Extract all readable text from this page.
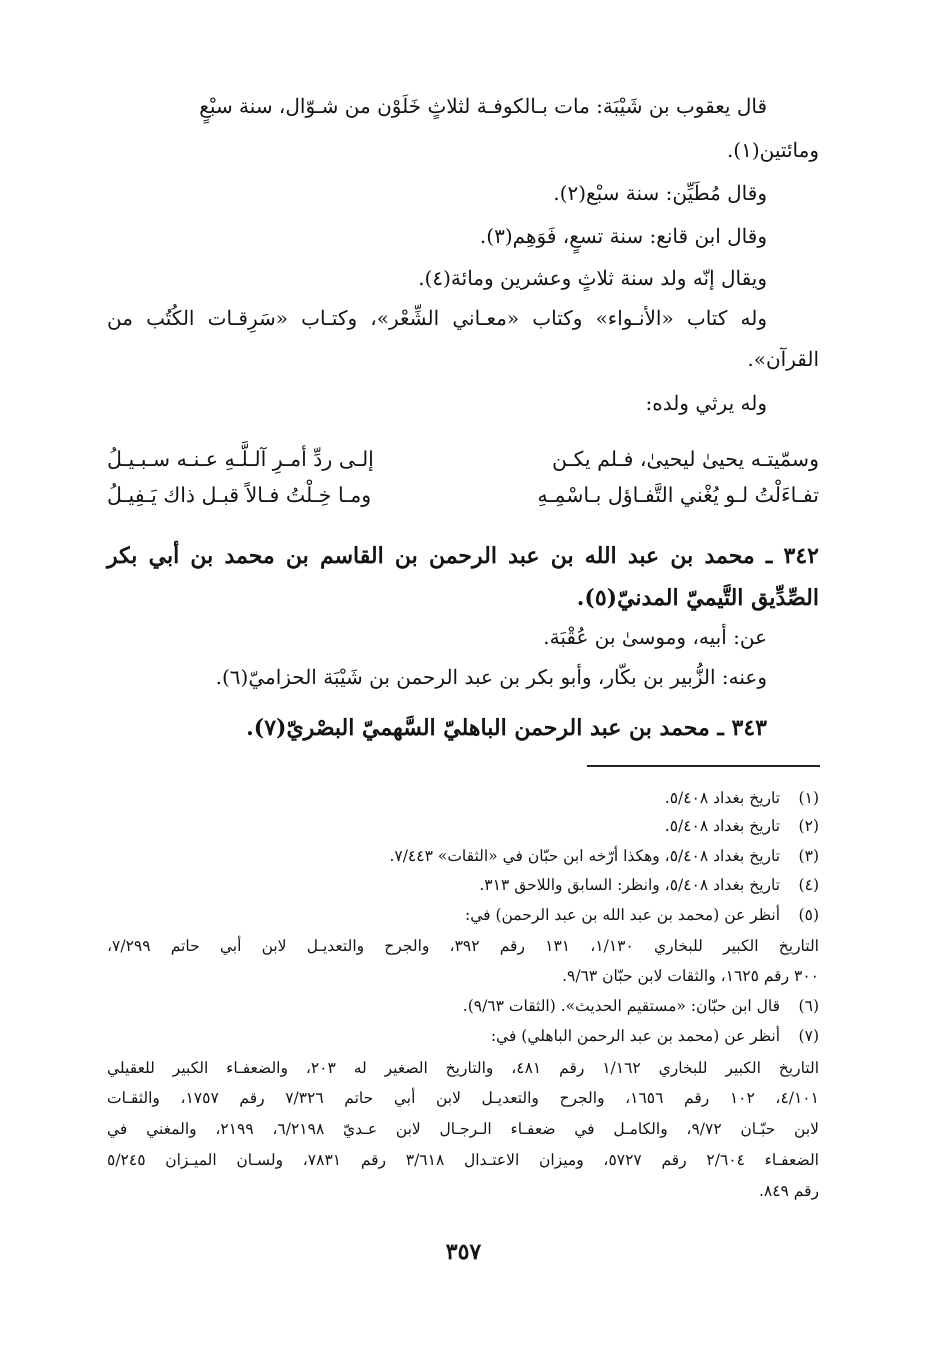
قال يعقوب بن شَيْبَة: مات بـالكوفـة لثلاثٍ خَلَوْن من شـوّال، سنة سبْعٍ
ومائتين(١).
وقال مُطَيِّن: سنة سبْع(٢).
وقال ابن قانع: سنة تسعٍ، فَوَهِم(٣).
ويقال إنّه ولد سنة ثلاثٍ وعشرين ومائة(٤).
وله كتاب «الأنـواء» وكتاب «معـاني الشِّعْر»، وكتـاب «سَرِقـات الكُتُب من
القرآن».
وله يرثي ولده:
وسمّيتـه يحيىٰ ليحيىٰ، فـلم يكـن
إلـى ردِّ أمـرِ آلـلَّـهِ عـنـه سـبـيـلُ
تفـاءَلْتُ لـو يُغْني التَّفـاؤل بـاسْمِـهِ
ومـا خِـلْتُ فـالاً قبـل ذاك يَـفِيـلُ
٣٤٢ ـ محمد بن عبد الله بن عبد الرحمن بن القاسم بن محمد بن أبي بكر
الصِّدِّيق التَّيميّ المدنيّ(٥).
عن: أبيه، وموسىٰ بن عُقْبَة.
وعنه: الزُّبير بن بكّار، وأبو بكر بن عبد الرحمن بن شَيْبَة الحزاميّ(٦).
٣٤٣ ـ محمد بن عبد الرحمن الباهليّ السَّهميّ البصْريّ(٧).
(١) تاريخ بغداد ٥/٤٠٨.
(٢) تاريخ بغداد ٥/٤٠٨.
(٣) تاريخ بغداد ٥/٤٠٨، وهكذا أرّخه ابن حبّان في «الثقات» ٧/٤٤٣.
(٤) تاريخ بغداد ٥/٤٠٨، وانظر: السابق واللاحق ٣١٣.
(٥) أنظر عن (محمد بن عبد الله بن عبد الرحمن) في:
التاريخ الكبير للبخاري ١/١٣٠، ١٣١ رقم ٣٩٢، والجرح والتعديـل لابن أبي حاتم ٧/٢٩٩،
٣٠٠ رقم ١٦٢٥، والثقات لابن حبّان ٩/٦٣.
(٦) قال ابن حبّان: «مستقيم الحديث». (الثقات ٩/٦٣).
(٧) أنظر عن (محمد بن عبد الرحمن الباهلي) في:
التاريخ الكبير للبخاري ١/١٦٢ رقم ٤٨١، والتاريخ الصغير له ٢٠٣، والضعفـاء الكبير للعقيلي
٤/١٠١، ١٠٢ رقم ١٦٥٦، والجرح والتعديـل لابن أبي حاتم ٧/٣٢٦ رقم ١٧٥٧، والثقـات
لابن حبّـان ٩/٧٢، والكامـل في ضعفـاء الـرجـال لابن عـديّ ٦/٢١٩٨، ٢١٩٩، والمغني في
الضعفـاء ٢/٦٠٤ رقم ٥٧٢٧، وميزان الاعتـدال ٣/٦١٨ رقم ٧٨٣١، ولسـان الميـزان ٥/٢٤٥
رقم ٨٤٩.
٣٥٧
